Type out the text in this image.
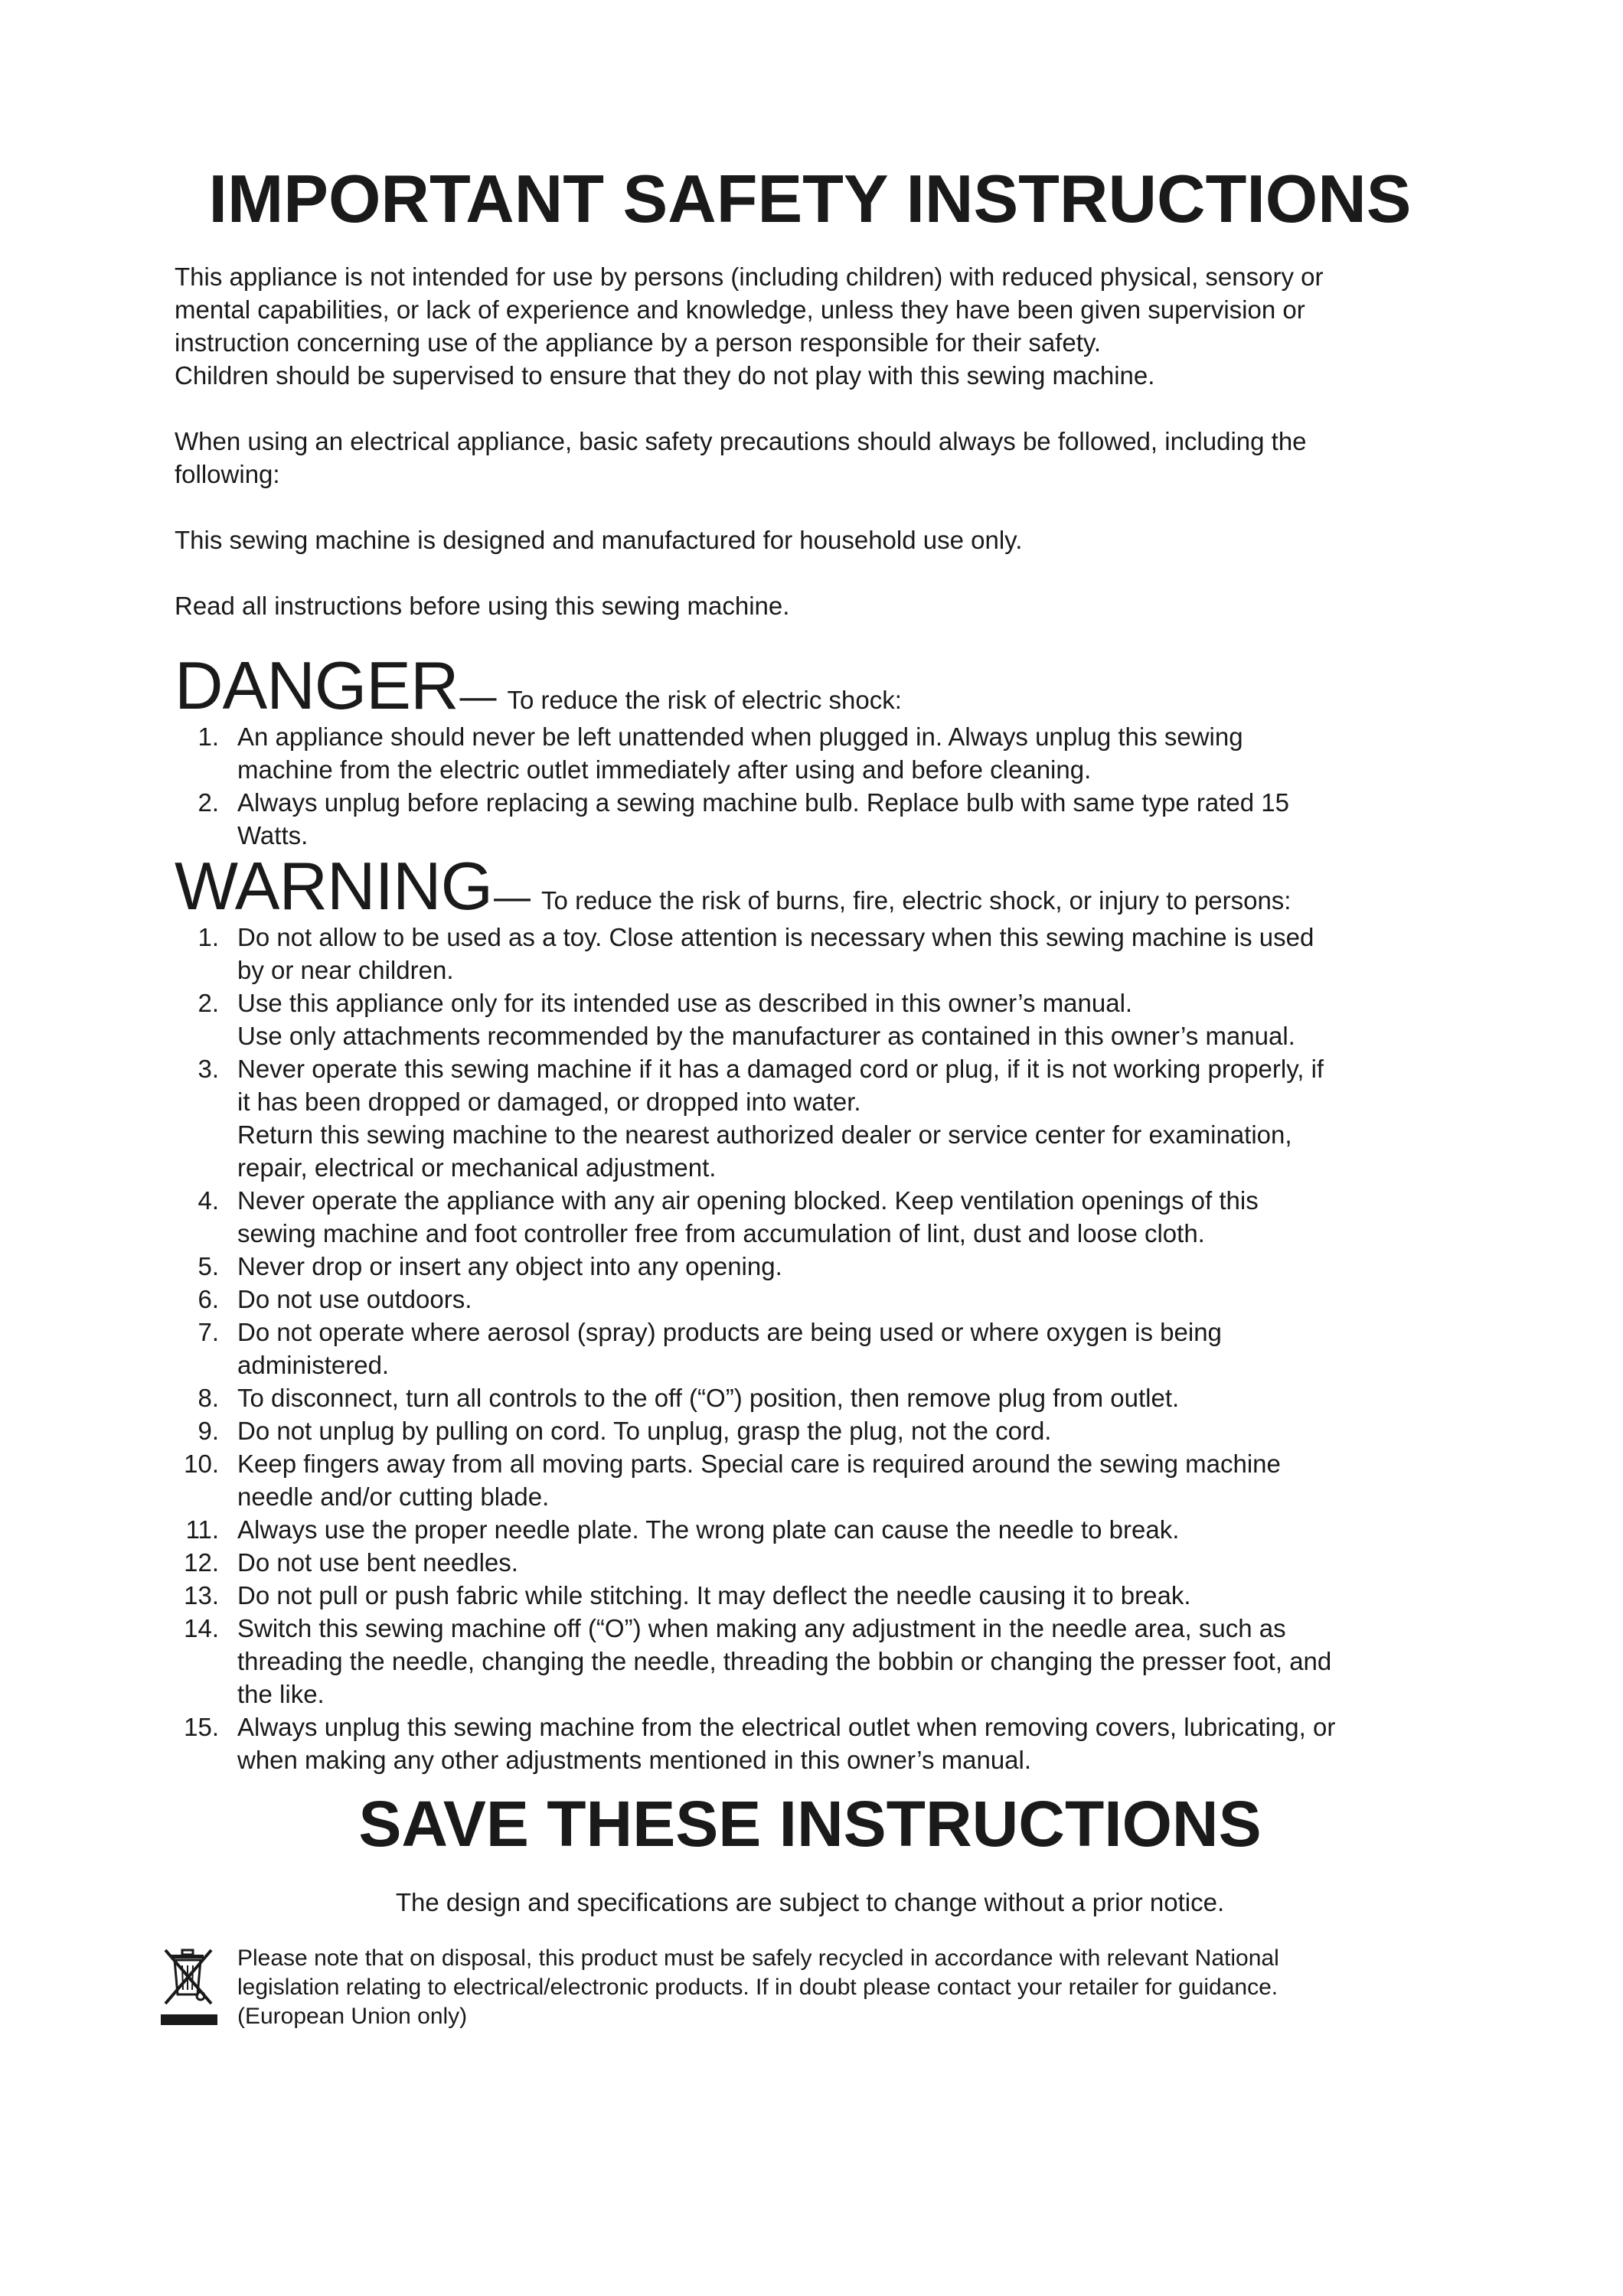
IMPORTANT SAFETY INSTRUCTIONS

This appliance is not intended for use by persons (including children) with reduced physical, sensory or
mental capabilities, or lack of experience and knowledge, unless they have been given supervision or
instruction concerning use of the appliance by a person responsible for their safety.
Children should be supervised to ensure that they do not play with this sewing machine.

When using an electrical appliance, basic safety precautions should always be followed, including the
following:

This sewing machine is designed and manufactured for household use only.

Read all instructions before using this sewing machine.

DANGER — To reduce the risk of electric shock:
1. An appliance should never be left unattended when plugged in. Always unplug this sewing
machine from the electric outlet immediately after using and before cleaning.
2. Always unplug before replacing a sewing machine bulb. Replace bulb with same type rated 15
Watts.
WARNING — To reduce the risk of burns, fire, electric shock, or injury to persons:
1. Do not allow to be used as a toy. Close attention is necessary when this sewing machine is used
by or near children.
2. Use this appliance only for its intended use as described in this owner’s manual.
Use only attachments recommended by the manufacturer as contained in this owner’s manual.
3. Never operate this sewing machine if it has a damaged cord or plug, if it is not working properly, if
it has been dropped or damaged, or dropped into water.
Return this sewing machine to the nearest authorized dealer or service center for examination,
repair, electrical or mechanical adjustment.
4. Never operate the appliance with any air opening blocked. Keep ventilation openings of this
sewing machine and foot controller free from accumulation of lint, dust and loose cloth.
5. Never drop or insert any object into any opening.
6. Do not use outdoors.
7. Do not operate where aerosol (spray) products are being used or where oxygen is being
administered.
8. To disconnect, turn all controls to the off (“O”) position, then remove plug from outlet.
9. Do not unplug by pulling on cord. To unplug, grasp the plug, not the cord.
10. Keep fingers away from all moving parts. Special care is required around the sewing machine
needle and/or cutting blade.
11. Always use the proper needle plate. The wrong plate can cause the needle to break.
12. Do not use bent needles.
13. Do not pull or push fabric while stitching. It may deflect the needle causing it to break.
14. Switch this sewing machine off (“O”) when making any adjustment in the needle area, such as
threading the needle, changing the needle, threading the bobbin or changing the presser foot, and
the like.
15. Always unplug this sewing machine from the electrical outlet when removing covers, lubricating, or
when making any other adjustments mentioned in this owner’s manual.
SAVE THESE INSTRUCTIONS

The design and specifications are subject to change without a prior notice.

Please note that on disposal, this product must be safely recycled in accordance with relevant National
legislation relating to electrical/electronic products. If in doubt please contact your retailer for guidance.
(European Union only)
